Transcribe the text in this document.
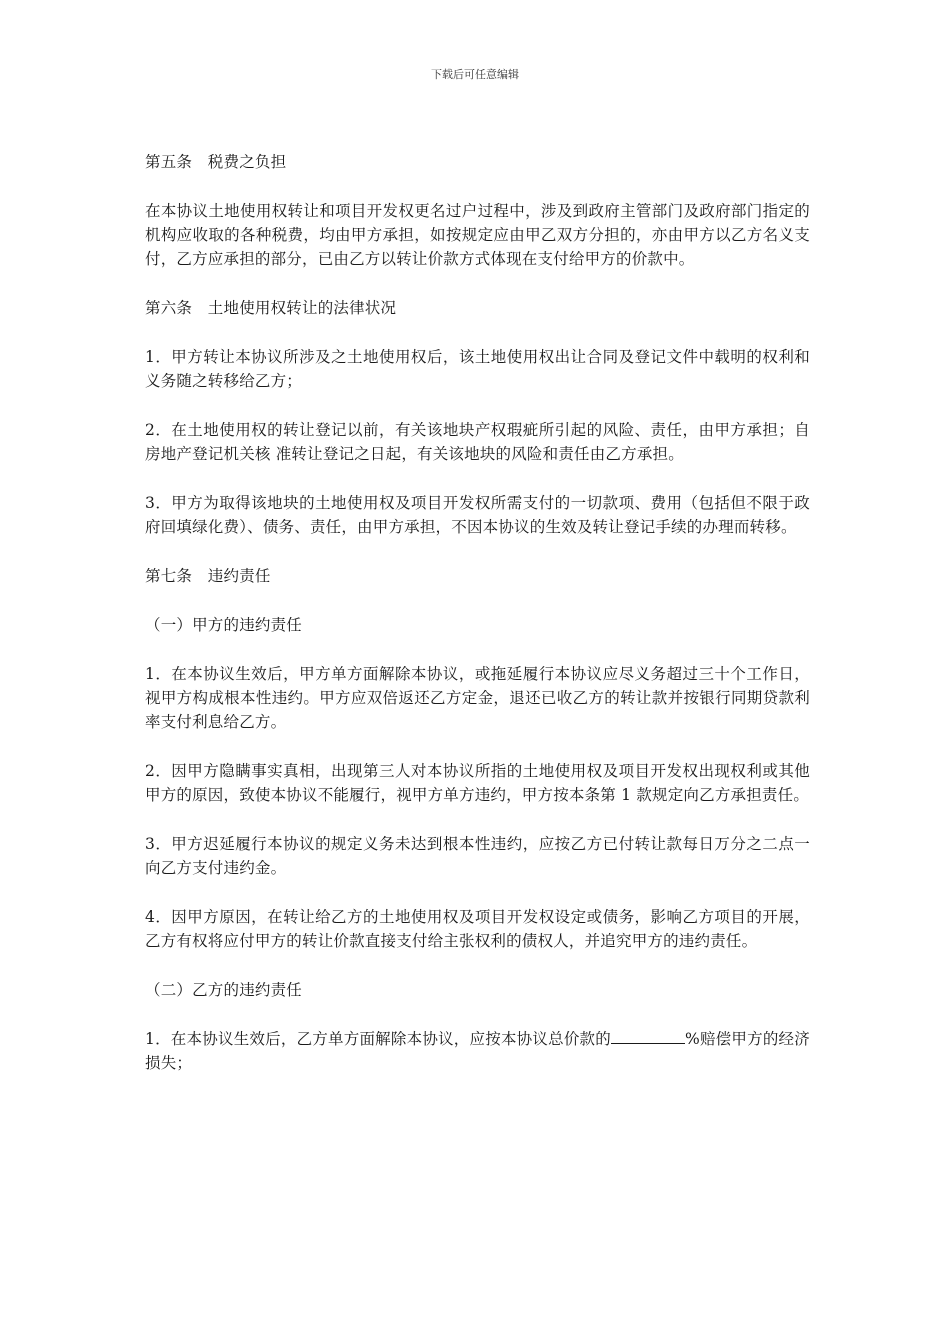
下载后可任意编辑

第五条　税费之负担

在本协议土地使用权转让和项目开发权更名过户过程中，涉及到政府主管部门及政府部门指定的机构应收取的各种税费，均由甲方承担，如按规定应由甲乙双方分担的，亦由甲方以乙方名义支付，乙方应承担的部分，已由乙方以转让价款方式体现在支付给甲方的价款中。

第六条　土地使用权转让的法律状况

1．甲方转让本协议所涉及之土地使用权后，该土地使用权出让合同及登记文件中载明的权利和义务随之转移给乙方；

2．在土地使用权的转让登记以前，有关该地块产权瑕疵所引起的风险、责任，由甲方承担；自房地产登记机关核 准转让登记之日起，有关该地块的风险和责任由乙方承担。

3．甲方为取得该地块的土地使用权及项目开发权所需支付的一切款项、费用（包括但不限于政府回填绿化费）、债务、责任，由甲方承担，不因本协议的生效及转让登记手续的办理而转移。

第七条　违约责任

（一）甲方的违约责任

1．在本协议生效后，甲方单方面解除本协议，或拖延履行本协议应尽义务超过三十个工作日，视甲方构成根本性违约。甲方应双倍返还乙方定金，退还已收乙方的转让款并按银行同期贷款利率支付利息给乙方。

2．因甲方隐瞒事实真相，出现第三人对本协议所指的土地使用权及项目开发权出现权利或其他甲方的原因，致使本协议不能履行，视甲方单方违约，甲方按本条第 1 款规定向乙方承担责任。

3．甲方迟延履行本协议的规定义务未达到根本性违约，应按乙方已付转让款每日万分之二点一向乙方支付违约金。

4．因甲方原因，在转让给乙方的土地使用权及项目开发权设定或债务，影响乙方项目的开展，乙方有权将应付甲方的转让价款直接支付给主张权利的债权人，并追究甲方的违约责任。

（二）乙方的违约责任

1．在本协议生效后，乙方单方面解除本协议，应按本协议总价款的	%赔偿甲方的经济损失；
